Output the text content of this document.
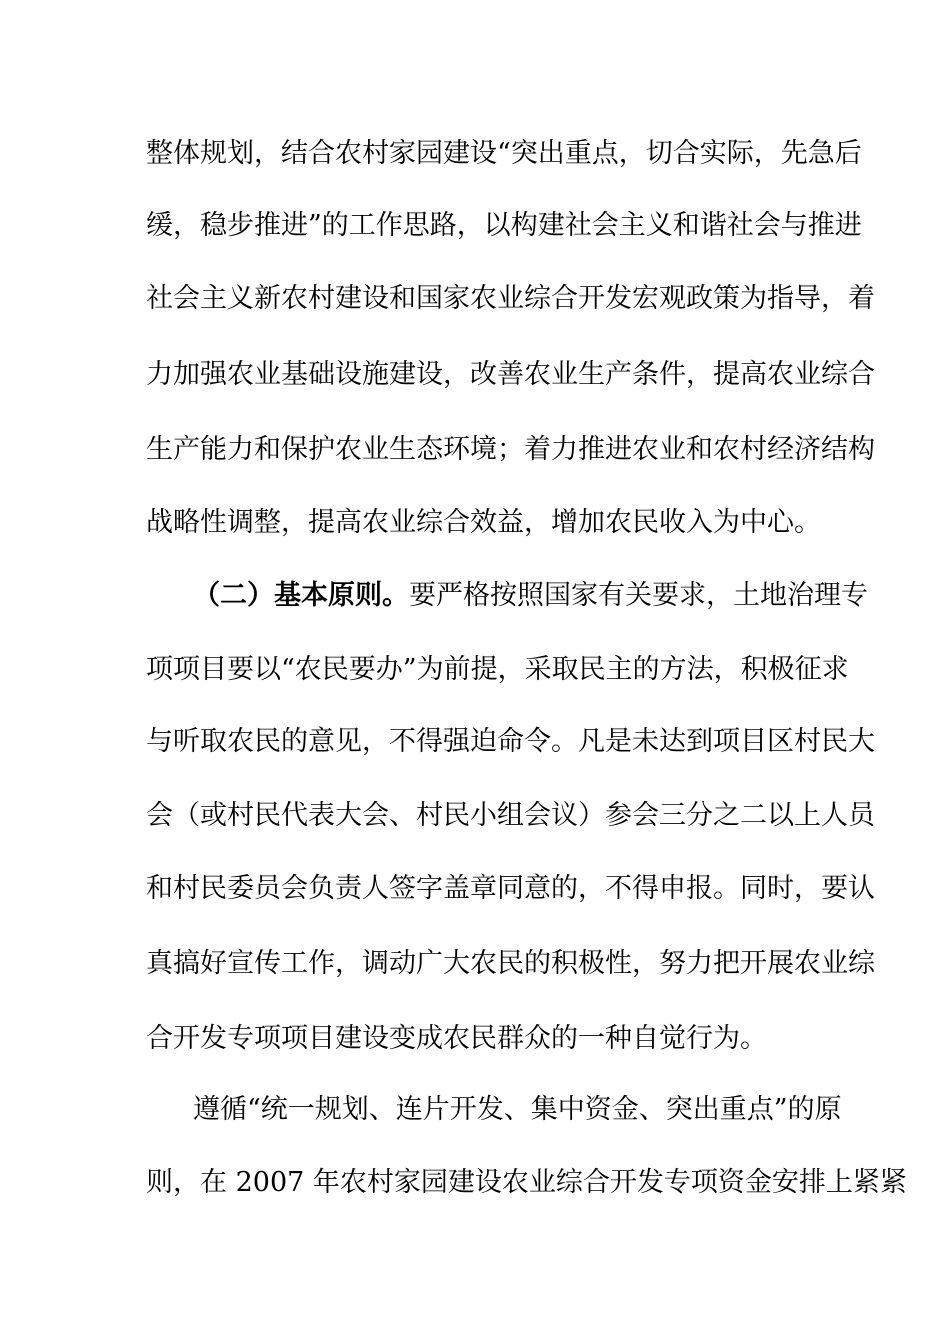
整体规划，结合农村家园建设“突出重点，切合实际，先急后
缓，稳步推进”的工作思路，以构建社会主义和谐社会与推进
社会主义新农村建设和国家农业综合开发宏观政策为指导，着
力加强农业基础设施建设，改善农业生产条件，提高农业综合
生产能力和保护农业生态环境；着力推进农业和农村经济结构
战略性调整，提高农业综合效益，增加农民收入为中心。
（二）基本原则。要严格按照国家有关要求，土地治理专
项项目要以“农民要办”为前提，采取民主的方法，积极征求
与听取农民的意见，不得强迫命令。凡是未达到项目区村民大
会（或村民代表大会、村民小组会议）参会三分之二以上人员
和村民委员会负责人签字盖章同意的，不得申报。同时，要认
真搞好宣传工作，调动广大农民的积极性，努力把开展农业综
合开发专项项目建设变成农民群众的一种自觉行为。
遵循“统一规划、连片开发、集中资金、突出重点”的原
则，在 2007 年农村家园建设农业综合开发专项资金安排上紧紧
